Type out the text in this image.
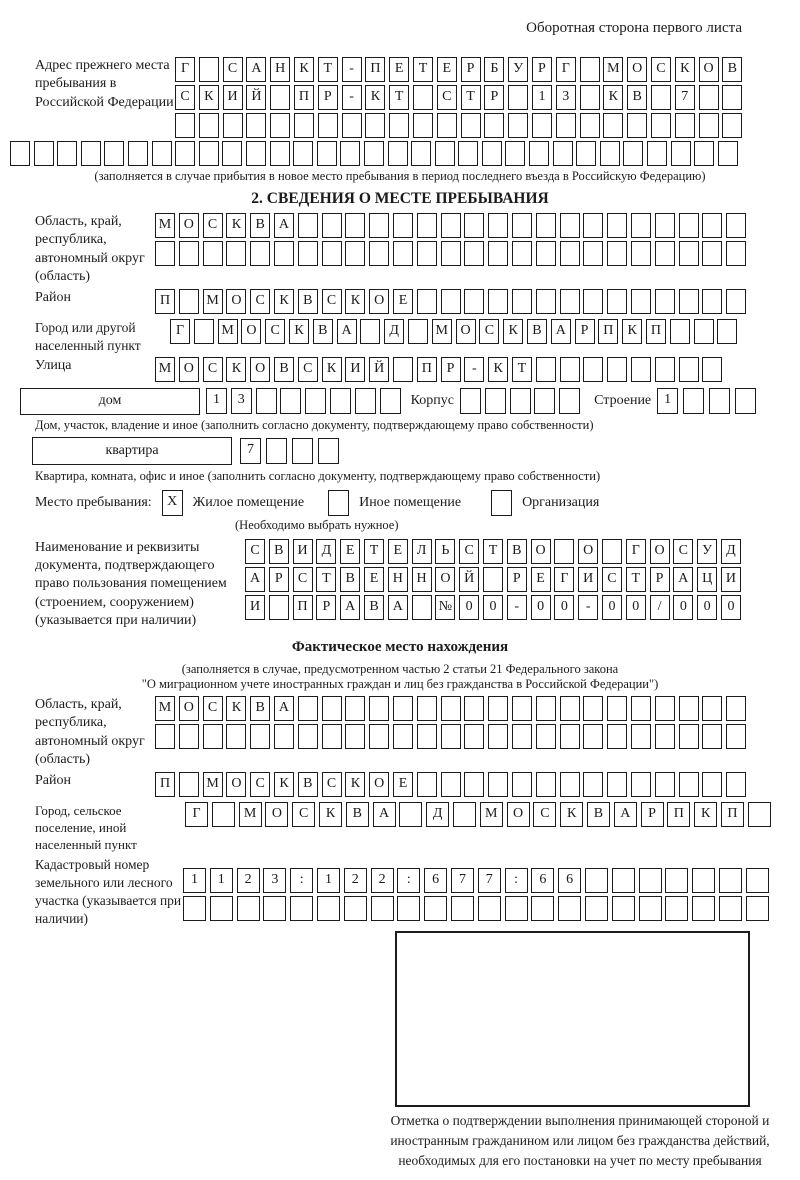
Оборотная сторона первого листа
Адрес прежнего места пребывания в Российской Федерации
Г	С	А Н	К	Т	-	П	Е	Т	Е	Р	Б	У	Р	Г	М О	С	К	О	В
С	К	И Й	П	Р	-	К	Т	С	Т	Р	1	3	К	В	7
(заполняется в случае прибытия в новое место пребывания в период последнего въезда в Российскую Федерацию)
2. СВЕДЕНИЯ О МЕСТЕ ПРЕБЫВАНИЯ
Область, край, республика, автономный округ (область)
М О	С	К	В	А
Район	П	М О	С	К	В	С	К	О	Е
Город или другой населенный пункт
Г	М О	С	К	В	А	Д	М О	С	К	В	А	Р	П	К	П
Улица	М О	С	К	О	В	С	К	И Й	П	Р	-	К	Т
дом	1	3	Корпус	Строение 1
Дом, участок, владение и иное (заполнить согласно документу, подтверждающему право собственности)
квартира	7
Квартира, комната, офис и иное (заполнить согласно документу, подтверждающему право собственности)
Место пребывания:	X	Жилое помещение	Иное помещение	Организация
(Необходимо выбрать нужное)
Наименование и реквизиты документа, подтверждающего право пользования помещением (строением, сооружением) (указывается при наличии)
С	В	И Д	Е	Т	Е	Л	Ь	С	Т	В	О	О	Г	О	С	У	Д
А	Р	С	Т	В	Е	Н Н О Й	Р	Е	Г	И	С	Т	Р	А Ц И
И	П	Р	А	В	А	№ 0	0	-	0	0	-	0	0	/	0	0	0
Фактическое место нахождения
(заполняется в случае, предусмотренном частью 2 статьи 21 Федерального закона
"О миграционном учете иностранных граждан и лиц без гражданства в Российской Федерации")
Область, край, республика, автономный округ (область)
М О	С	К	В	А
Район	П	М О	С	К	В	С	К	О	Е
Город, сельское поселение, иной населенный пункт
Г	М	О	С	К	В	А	Д	М	О	С	К	В	А	Р	П	К	П
Кадастровый номер земельного или лесного участка (указывается при наличии)
1	1	2	3	:	1	2	2	:	6	7	7	:	6	6
Отметка о подтверждении выполнения принимающей стороной и иностранным гражданином или лицом без гражданства действий, необходимых для его постановки на учет по месту пребывания
